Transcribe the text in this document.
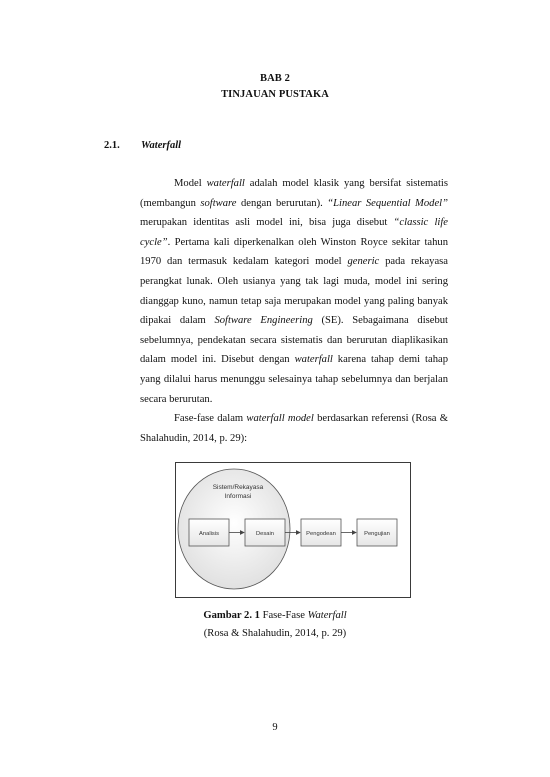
BAB 2
TINJAUAN PUSTAKA
2.1. Waterfall

Model waterfall adalah model klasik yang bersifat sistematis (membangun software dengan berurutan). “Linear Sequential Model” merupakan identitas asli model ini, bisa juga disebut “classic life cycle”. Pertama kali diperkenalkan oleh Winston Royce sekitar tahun 1970 dan termasuk kedalam kategori model generic pada rekayasa perangkat lunak. Oleh usianya yang tak lagi muda, model ini sering dianggap kuno, namun tetap saja merupakan model yang paling banyak dipakai dalam Software Engineering (SE). Sebagaimana disebut sebelumnya, pendekatan secara sistematis dan berurutan diaplikasikan dalam model ini. Disebut dengan waterfall karena tahap demi tahap yang dilalui harus menunggu selesainya tahap sebelumnya dan berjalan secara berurutan.

Fase-fase dalam waterfall model berdasarkan referensi (Rosa & Shalahudin, 2014, p. 29):

Sistem/Rekayasa
Informasi
Analisis	Desain	Pengodean	Pengujian
Gambar 2. 1 Fase-Fase Waterfall
(Rosa & Shalahudin, 2014, p. 29)
9
